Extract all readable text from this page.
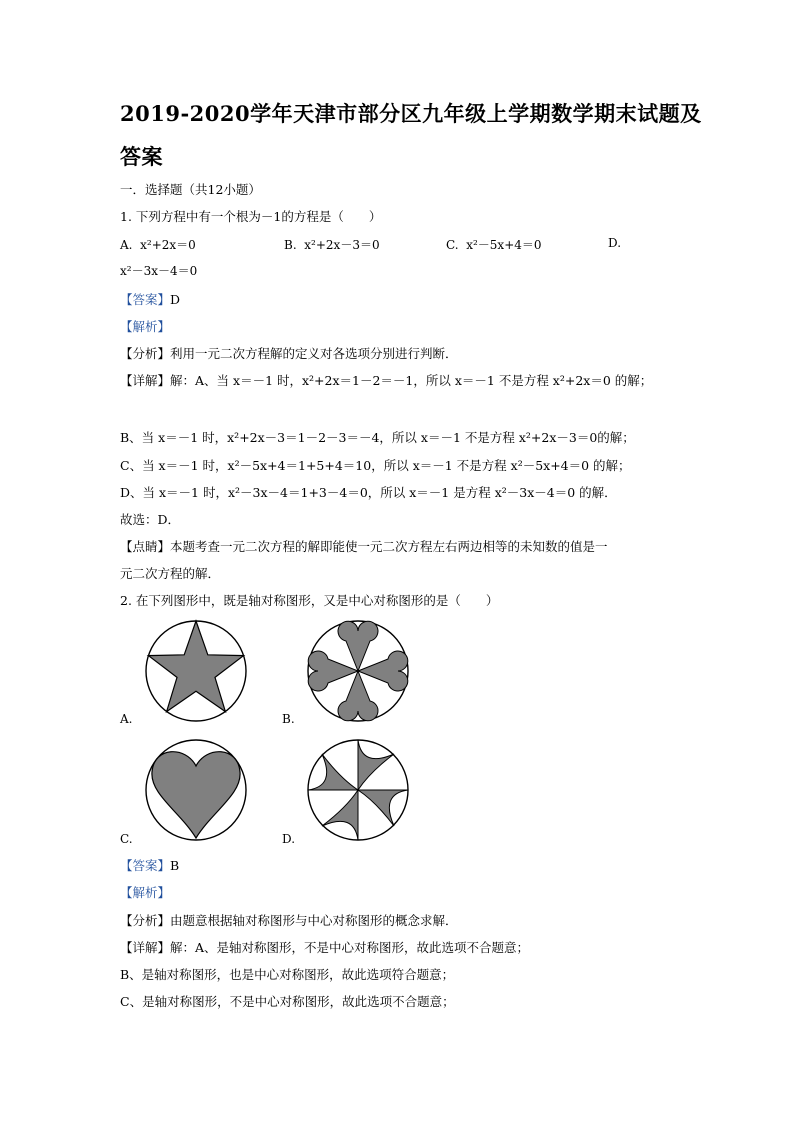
2019-2020学年天津市部分区九年级上学期数学期末试题及
答案
一．选择题（共12小题）
1. 下列方程中有一个根为－1的方程是（　　）
A. x²+2x＝0	B. x²+2x－3＝0	C. x²－5x+4＝0	D.
x²－3x－4＝0
【答案】D
【解析】
【分析】利用一元二次方程解的定义对各选项分别进行判断．
【详解】解：A、当 x＝－1 时，x²+2x＝1－2＝－1，所以 x＝－1 不是方程 x²+2x＝0 的解；
B、当 x＝－1 时，x²+2x－3＝1－2－3＝－4，所以 x＝－1 不是方程 x²+2x－3＝0的解；
C、当 x＝－1 时，x²－5x+4＝1+5+4＝10，所以 x＝－1 不是方程 x²－5x+4＝0 的解；
D、当 x＝－1 时，x²－3x－4＝1+3－4＝0，所以 x＝－1 是方程 x²－3x－4＝0 的解．
故选：D．
【点睛】本题考查一元二次方程的解即能使一元二次方程左右两边相等的未知数的值是一
元二次方程的解．
2. 在下列图形中，既是轴对称图形，又是中心对称图形的是（　　）
A.	B.
C.	D.
【答案】B
【解析】
【分析】由题意根据轴对称图形与中心对称图形的概念求解．
【详解】解：A、是轴对称图形，不是中心对称图形，故此选项不合题意；
B、是轴对称图形，也是中心对称图形，故此选项符合题意；
C、是轴对称图形，不是中心对称图形，故此选项不合题意；
